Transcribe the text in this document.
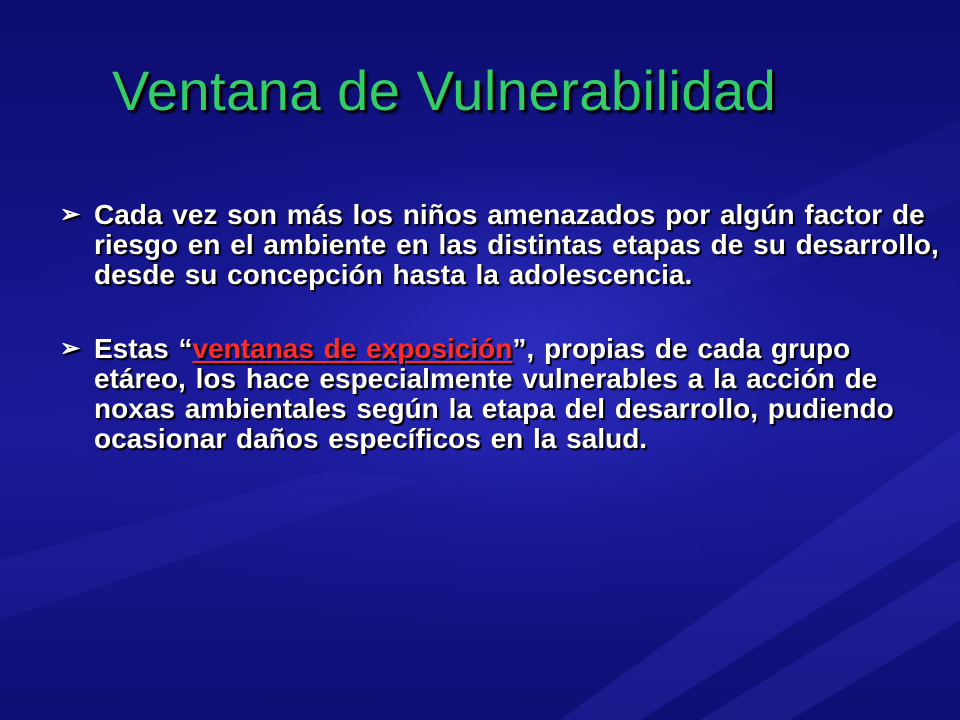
Ventana de Vulnerabilidad
➢ Cada vez son más los niños amenazados por algún factor de riesgo en el ambiente en las distintas etapas de su desarrollo, desde su concepción hasta la adolescencia.
➢ Estas “ventanas de exposición”, propias de cada grupo etáreo, los hace especialmente vulnerables a la acción de noxas ambientales según la etapa del desarrollo, pudiendo ocasionar daños específicos en la salud.
